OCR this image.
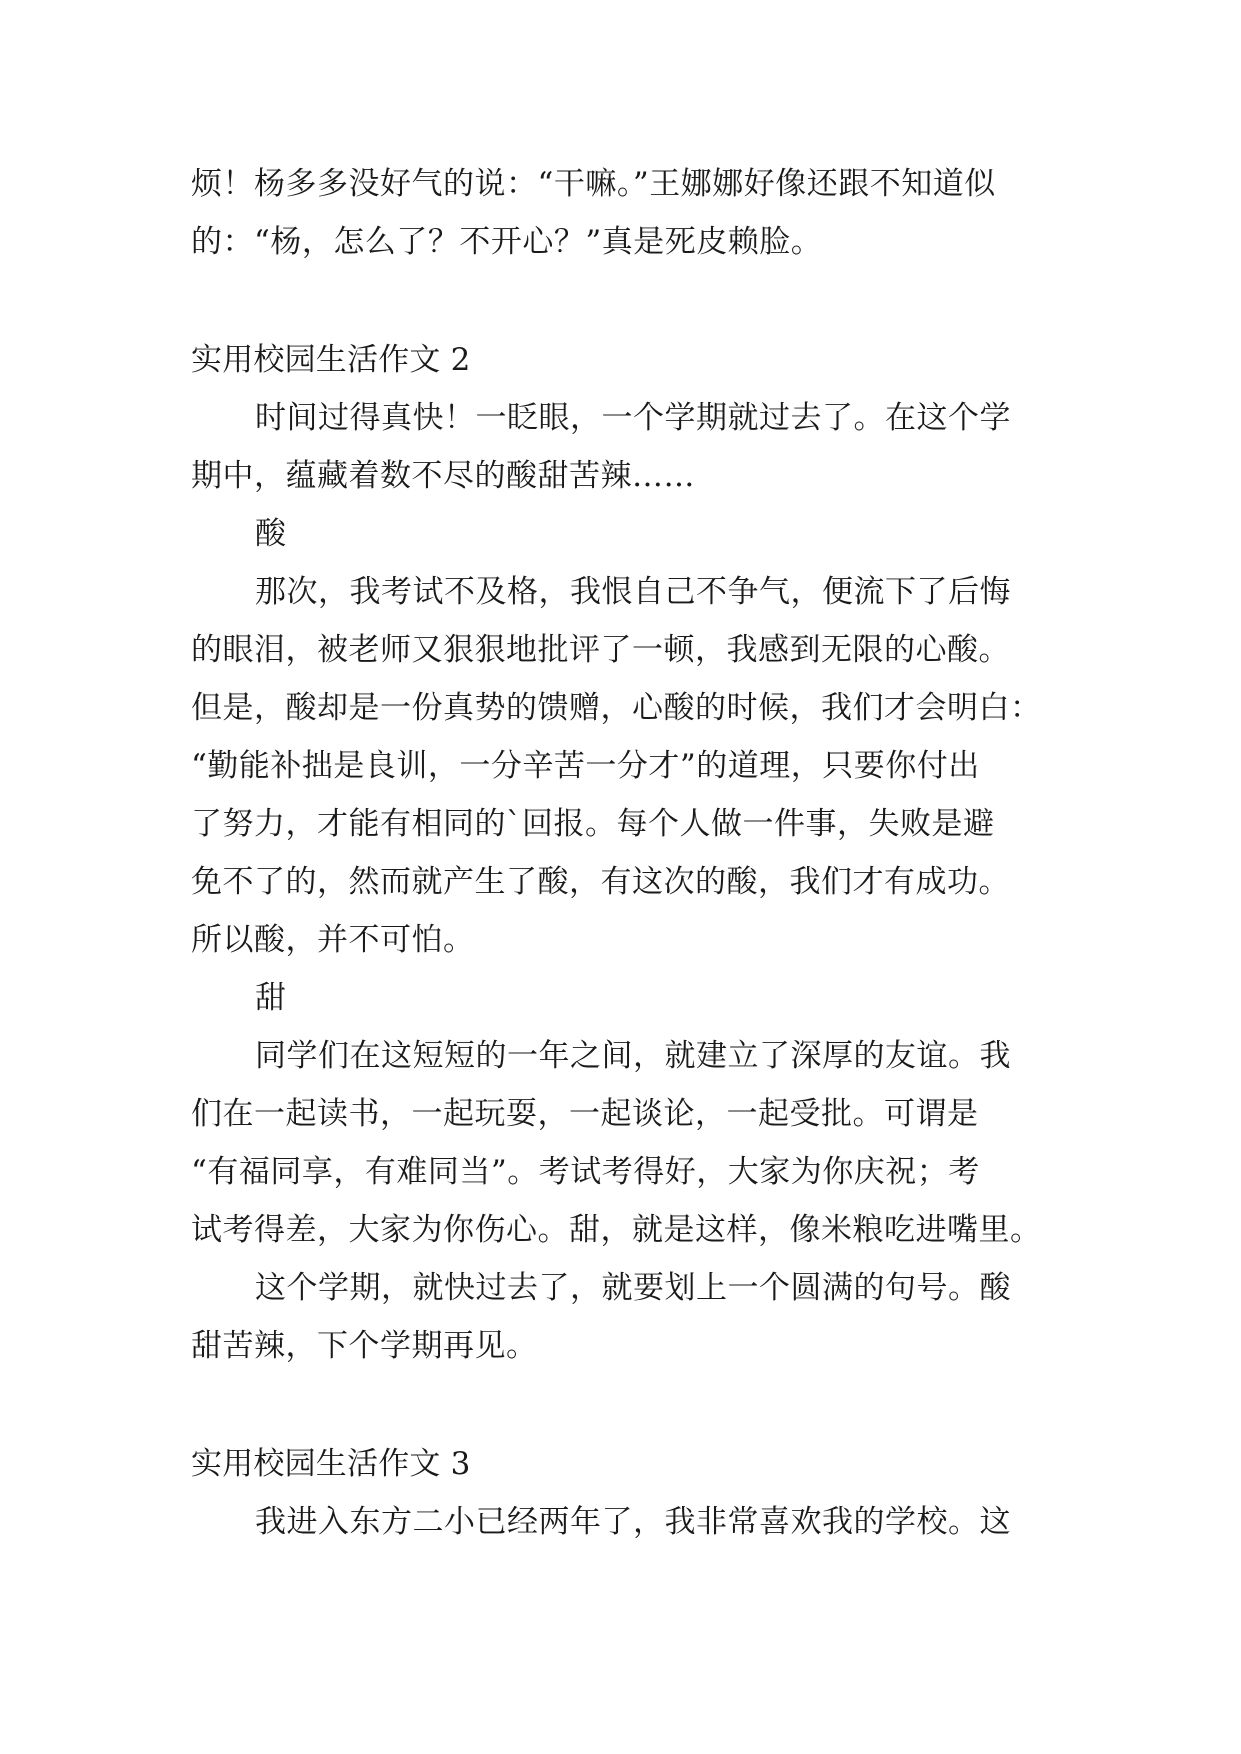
烦！杨多多没好气的说：“干嘛。”王娜娜好像还跟不知道似
的：“杨，怎么了？不开心？”真是死皮赖脸。
实用校园生活作文 2
时间过得真快！一眨眼，一个学期就过去了。在这个学
期中，蕴藏着数不尽的酸甜苦辣……
酸
那次，我考试不及格，我恨自己不争气，便流下了后悔
的眼泪，被老师又狠狠地批评了一顿，我感到无限的心酸。
但是，酸却是一份真势的馈赠，心酸的时候，我们才会明白：
“勤能补拙是良训，一分辛苦一分才”的道理，只要你付出
了努力，才能有相同的`回报。每个人做一件事，失败是避
免不了的，然而就产生了酸，有这次的酸，我们才有成功。
所以酸，并不可怕。
甜
同学们在这短短的一年之间，就建立了深厚的友谊。我
们在一起读书，一起玩耍，一起谈论，一起受批。可谓是
“有福同享，有难同当”。考试考得好，大家为你庆祝；考
试考得差，大家为你伤心。甜，就是这样，像米粮吃进嘴里。
这个学期，就快过去了，就要划上一个圆满的句号。酸
甜苦辣，下个学期再见。
实用校园生活作文 3
我进入东方二小已经两年了，我非常喜欢我的学校。这
